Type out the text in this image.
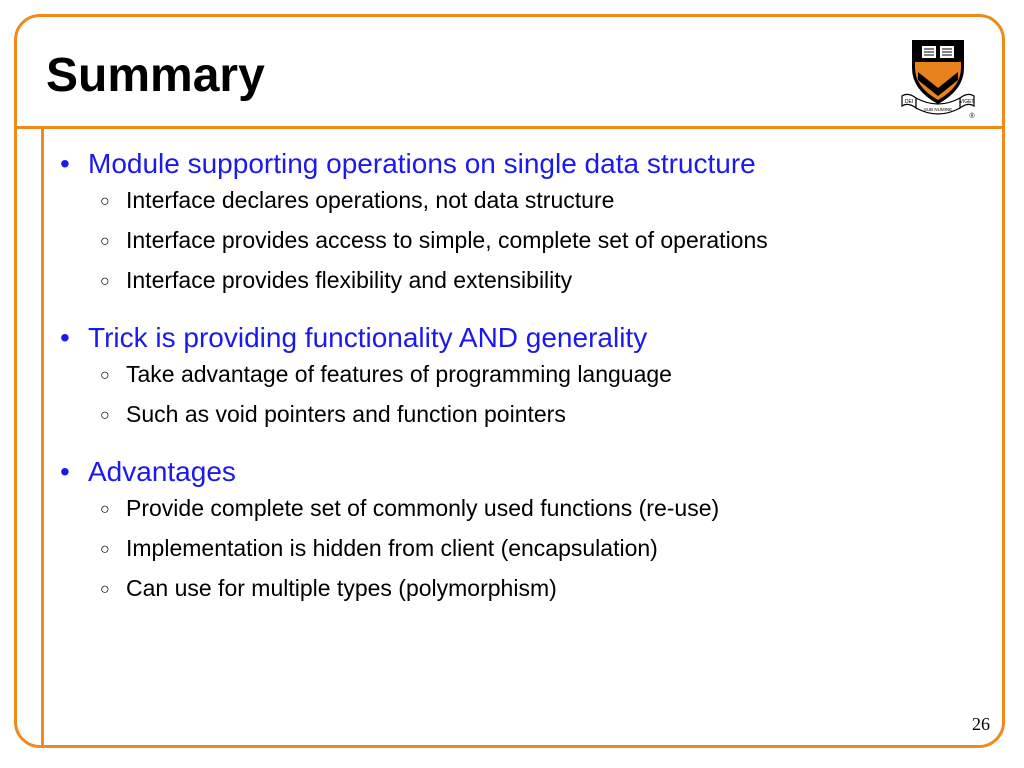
Summary	DEI
SUB NUMINE
VIGET
®
• Module supporting operations on single data structure
○ Interface declares operations, not data structure
○ Interface provides access to simple, complete set of operations
○ Interface provides flexibility and extensibility
• Trick is providing functionality AND generality
○ Take advantage of features of programming language
○ Such as void pointers and function pointers
• Advantages
○ Provide complete set of commonly used functions (re-use)
○ Implementation is hidden from client (encapsulation)
○ Can use for multiple types (polymorphism)
26
